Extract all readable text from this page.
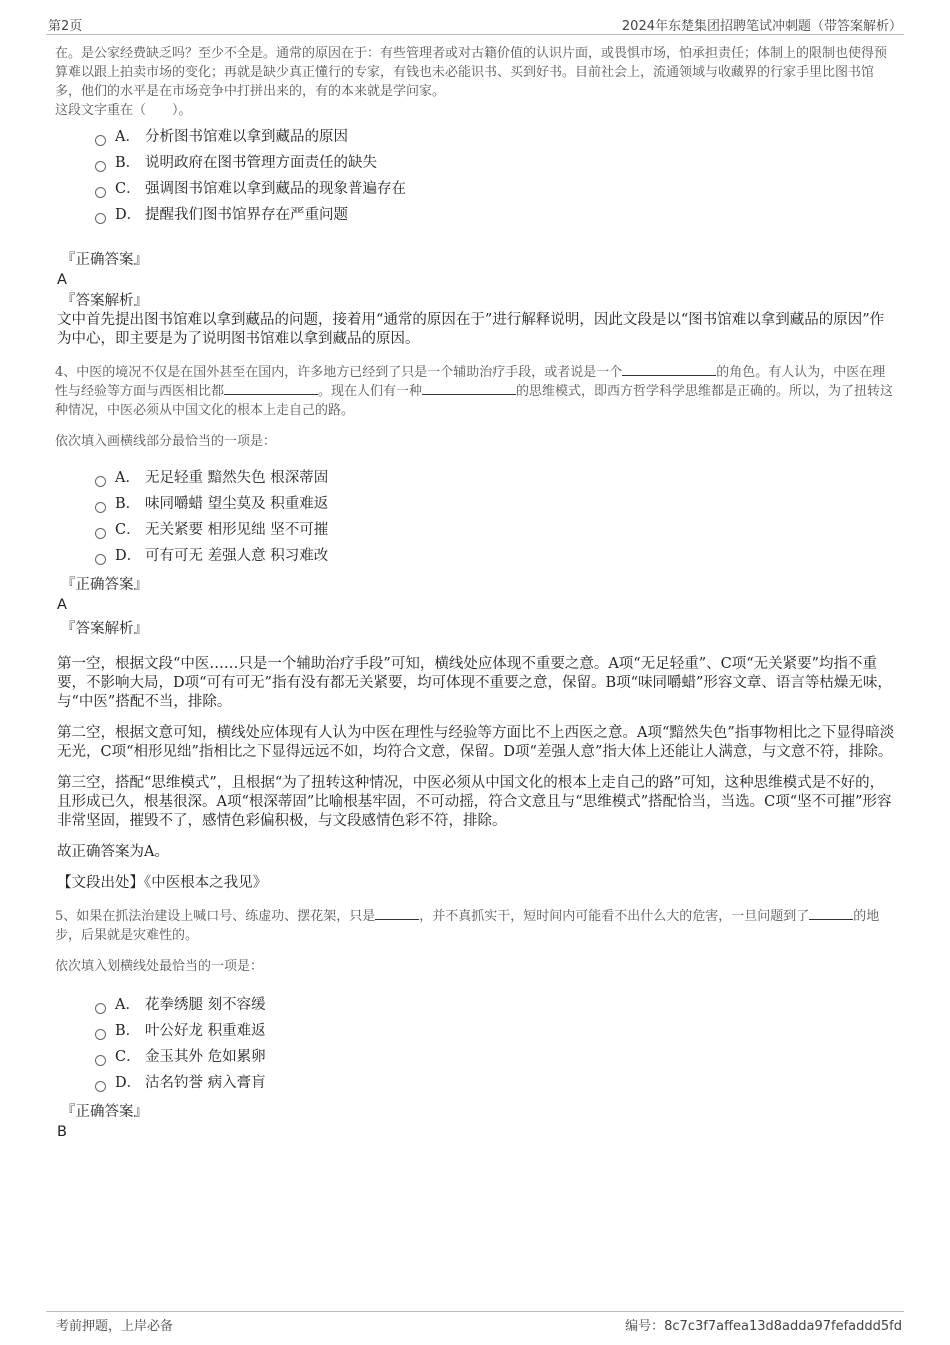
第2页	2024年东楚集团招聘笔试冲刺题（带答案解析）

在。是公家经费缺乏吗？至少不全是。通常的原因在于：有些管理者或对古籍价值的认识片面，或畏惧市场，怕承担责任；体制上的限制也使得预算难以跟上拍卖市场的变化；再就是缺少真正懂行的专家，有钱也未必能识书、买到好书。目前社会上，流通领域与收藏界的行家手里比图书馆多，他们的水平是在市场竞争中打拼出来的，有的本来就是学问家。

这段文字重在（　　）。

A． 分析图书馆难以拿到藏品的原因
B． 说明政府在图书管理方面责任的缺失
C． 强调图书馆难以拿到藏品的现象普遍存在
D． 提醒我们图书馆界存在严重问题

『正确答案』

A

『答案解析』

文中首先提出图书馆难以拿到藏品的问题，接着用“通常的原因在于”进行解释说明，因此文段是以“图书馆难以拿到藏品的原因”作为中心，即主要是为了说明图书馆难以拿到藏品的原因。

4、中医的境况不仅是在国外甚至在国内，许多地方已经到了只是一个辅助治疗手段，或者说是一个	的角色。有人认为，中医在理性与经验等方面与西医相比都	。现在人们有一种	的思维模式，即西方哲学科学思维都是正确的。所以，为了扭转这种情况，中医必须从中国文化的根本上走自己的路。

依次填入画横线部分最恰当的一项是：

A． 无足轻重 黯然失色 根深蒂固
B． 味同嚼蜡 望尘莫及 积重难返
C． 无关紧要 相形见绌 坚不可摧
D． 可有可无 差强人意 积习难改

『正确答案』

A

『答案解析』

第一空，根据文段“中医……只是一个辅助治疗手段”可知，横线处应体现不重要之意。A项“无足轻重”、C项“无关紧要”均指不重要，不影响大局，D项“可有可无”指有没有都无关紧要，均可体现不重要之意，保留。B项“味同嚼蜡”形容文章、语言等枯燥无味，与“中医”搭配不当，排除。

第二空，根据文意可知，横线处应体现有人认为中医在理性与经验等方面比不上西医之意。A项“黯然失色”指事物相比之下显得暗淡无光，C项“相形见绌”指相比之下显得远远不如，均符合文意，保留。D项“差强人意”指大体上还能让人满意，与文意不符，排除。

第三空，搭配“思维模式”，且根据“为了扭转这种情况，中医必须从中国文化的根本上走自己的路”可知，这种思维模式是不好的，且形成已久，根基很深。A项“根深蒂固”比喻根基牢固，不可动摇，符合文意且与“思维模式”搭配恰当，当选。C项“坚不可摧”形容非常坚固，摧毁不了，感情色彩偏积极，与文段感情色彩不符，排除。

故正确答案为A。

【文段出处】《中医根本之我见》

5、如果在抓法治建设上喊口号、练虚功、摆花架，只是	，并不真抓实干，短时间内可能看不出什么大的危害，一旦问题到了	的地步，后果就是灾难性的。

依次填入划横线处最恰当的一项是：

A． 花拳绣腿 刻不容缓
B． 叶公好龙 积重难返
C． 金玉其外 危如累卵
D． 沽名钓誉 病入膏肓

『正确答案』

B

考前押题，上岸必备	编号：8c7c3f7affea13d8adda97fefaddd5fd
